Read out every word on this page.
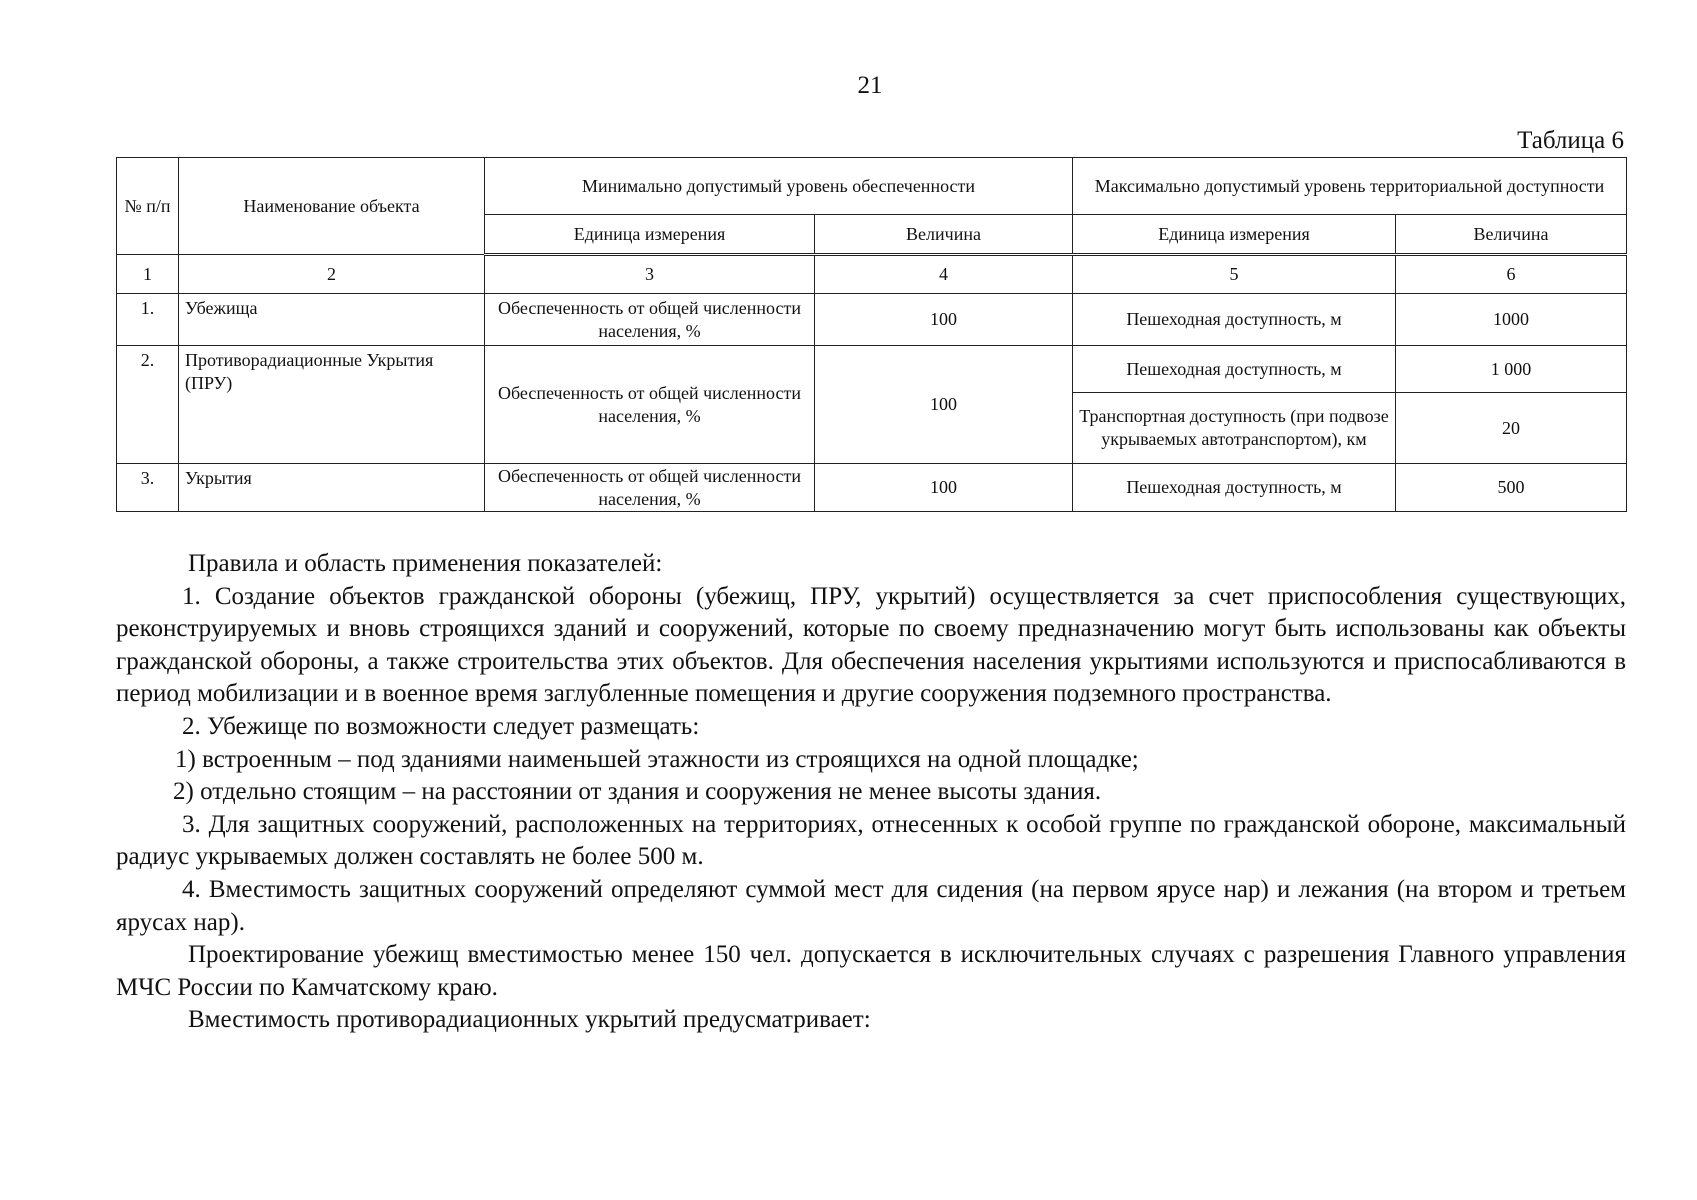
21
Таблица 6
№ п/п	Наименование объекта	Минимально допустимый уровень обеспеченности		Максимально допустимый уровень территориальной доступности	
		Единица измерения	Величина	Единица измерения	Величина
1	2	3	4	5	6
1.	Убежища	Обеспеченность от общей численности населения, %	100	Пешеходная доступность, м	1000
2.	Противорадиационные Укрытия (ПРУ)	Обеспеченность от общей численности населения, %	100	Пешеходная доступность, м	1 000
				Транспортная доступность (при подвозе укрываемых автотранспортом), км	20
3.	Укрытия	Обеспеченность от общей численности населения, %	100	Пешеходная доступность, м	500

Правила и область применения показателей:

1. Создание объектов гражданской обороны (убежищ, ПРУ, укрытий) осуществляется за счет приспособления существующих, реконструируемых и вновь строящихся зданий и сооружений, которые по своему предназначению могут быть использованы как объекты гражданской обороны, а также строительства этих объектов. Для обеспечения населения укрытиями используются и приспосабливаются в период мобилизации и в военное время заглубленные помещения и другие сооружения подземного пространства.

2. Убежище по возможности следует размещать:

1) встроенным – под зданиями наименьшей этажности из строящихся на одной площадке;

2) отдельно стоящим – на расстоянии от здания и сооружения не менее высоты здания.

3. Для защитных сооружений, расположенных на территориях, отнесенных к особой группе по гражданской обороне, максимальный радиус укрываемых должен составлять не более 500 м.

4. Вместимость защитных сооружений определяют суммой мест для сидения (на первом ярусе нар) и лежания (на втором и третьем ярусах нар).

Проектирование убежищ вместимостью менее 150 чел. допускается в исключительных случаях с разрешения Главного управления МЧС России по Камчатскому краю.

Вместимость противорадиационных укрытий предусматривает:
